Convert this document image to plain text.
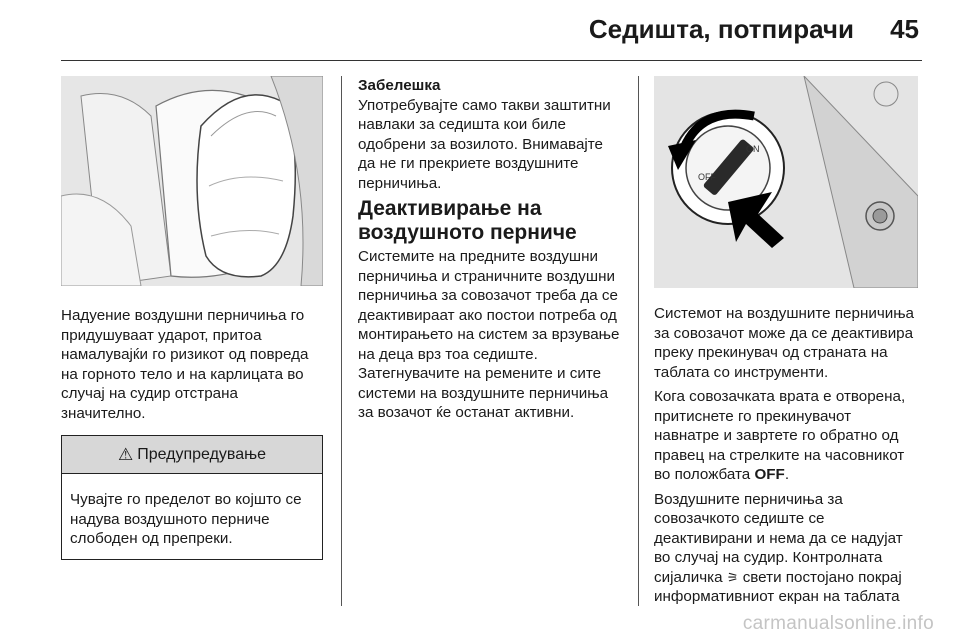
Седишта, потпирачи 45

Надуение воздушни перничиња го придушуваат ударот, притоа намалувајќи го ризикот од повреда на горното тело и на карлицата во случај на судир отстрана значително.

⚠ Предупредување
Чувајте го пределот во којшто се надува воздушното перниче слободен од препреки.
Забелешка

Употребувајте само такви заштитни навлаки за седишта кои биле одобрени за возилото. Внимавајте да не ги прекриете воздушните перничиња.

Деактивирање на воздушното перниче

Системите на предните воздушни перничиња и страничните воздушни перничиња за совозачот треба да се деактивираат ако постои потреба од монтирањето на систем за врзување на деца врз тоа седиште. Затегнувачите на ремените и сите системи на воздушните перничиња за возачот ќе останат активни.

ON
OFF

Системот на воздушните перничиња за совозачот може да се деактивира преку прекинувач од страната на таблата со инструменти.

Кога совозачката врата е отворена, притиснете го прекинувачот навнатре и завртете го обратно од правец на стрелките на часовникот во положбата OFF.

Воздушните перничиња за совозачкото седиште се деактивирани и нема да се надујат во случај на судир. Контролната сијаличка ⚞ свети постојано покрај информативниот екран на таблата

carmanualsonline.info
